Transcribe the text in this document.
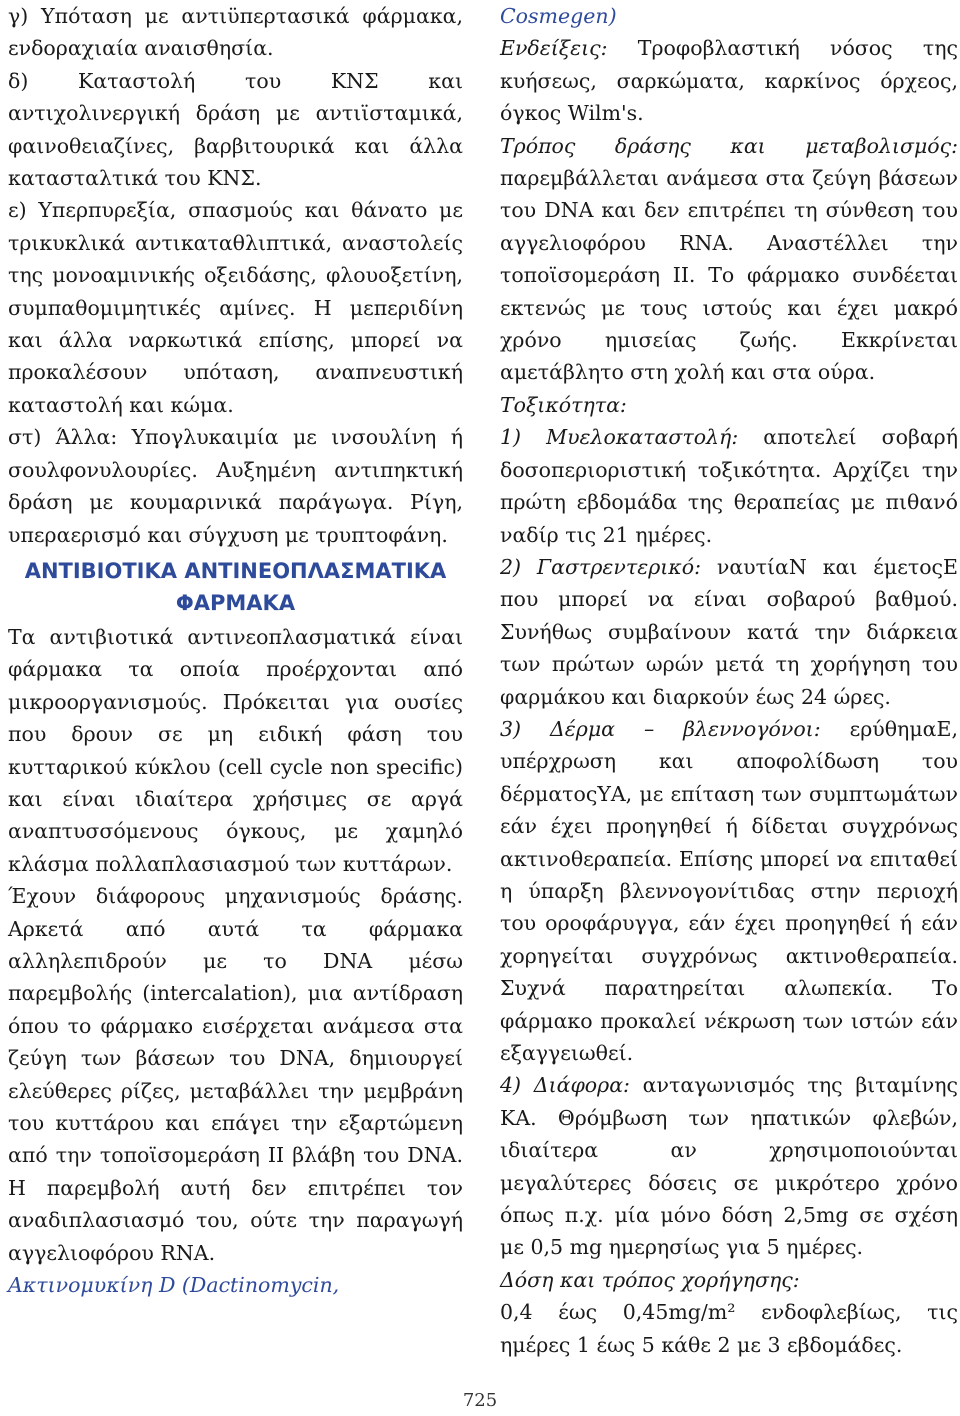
γ) Υπόταση με αντιϋπερτασικά φάρμακα, ενδοραχιαία αναισθησία.

δ) Καταστολή του ΚΝΣ και αντιχολινεργική δράση με αντιϊσταμικά, φαινοθειαζίνες, βαρβιτουρικά και άλλα κατασταλτικά του ΚΝΣ.

ε) Υπερπυρεξία, σπασμούς και θάνατο με τρικυκλικά αντικαταθλιπτικά, αναστολείς της μονοαμινικής οξειδάσης, φλουοξετίνη, συμπαθομιμητικές αμίνες. Η μεπεριδίνη και άλλα ναρκωτικά επίσης, μπορεί να προκαλέσουν υπόταση, αναπνευστική καταστολή και κώμα.

στ) Άλλα: Υπογλυκαιμία με ινσουλίνη ή σουλφονυλουρίες. Αυξημένη αντιπηκτική δράση με κουμαρινικά παράγωγα. Ρίγη, υπεραερισμό και σύγχυση με τρυπτοφάνη.

ΑΝΤΙΒΙΟΤΙΚΑ ΑΝΤΙΝΕΟΠΛΑΣΜΑΤΙΚΑ ΦΑΡΜΑΚΑ

Τα αντιβιοτικά αντινεοπλασματικά είναι φάρμακα τα οποία προέρχονται από μικροοργανισμούς. Πρόκειται για ουσίες που δρουν σε μη ειδική φάση του κυτταρικού κύκλου (cell cycle non specific) και είναι ιδιαίτερα χρήσιμες σε αργά αναπτυσσόμενους όγκους, με χαμηλό κλάσμα πολλαπλασιασμού των κυττάρων.

Έχουν διάφορους μηχανισμούς δράσης. Αρκετά από αυτά τα φάρμακα αλληλεπιδρούν με το DNA μέσω παρεμβολής (intercalation), μια αντίδραση όπου το φάρμακο εισέρχεται ανάμεσα στα ζεύγη των βάσεων του DNA, δημιουργεί ελεύθερες ρίζες, μεταβάλλει την μεμβράνη του κυττάρου και επάγει την εξαρτώμενη από την τοποϊσομεράση II βλάβη του DNA. Η παρεμβολή αυτή δεν επιτρέπει τον αναδιπλασιασμό του, ούτε την παραγωγή αγγελιοφόρου RNA.

Ακτινομυκίνη D (Dactinomycin,

Cosmegen)

Ενδείξεις: Τροφοβλαστική νόσος της κυήσεως, σαρκώματα, καρκίνος όρχεος, όγκος Wilm's.

Τρόπος δράσης και μεταβολισμός: παρεμβάλλεται ανάμεσα στα ζεύγη βάσεων του DNA και δεν επιτρέπει τη σύνθεση του αγγελιοφόρου RNA. Αναστέλλει την τοποϊσομεράση II. Το φάρμακο συνδέεται εκτενώς με τους ιστούς και έχει μακρό χρόνο ημισείας ζωής. Εκκρίνεται αμετάβλητο στη χολή και στα ούρα.

Τοξικότητα:

1) Μυελοκαταστολή: αποτελεί σοβαρή δοσοπεριοριστική τοξικότητα. Αρχίζει την πρώτη εβδομάδα της θεραπείας με πιθανό ναδίρ τις 21 ημέρες.

2) Γαστρεντερικό: ναυτίαΝ και έμετοςΕ που μπορεί να είναι σοβαρού βαθμού. Συνήθως συμβαίνουν κατά την διάρκεια των πρώτων ωρών μετά τη χορήγηση του φαρμάκου και διαρκούν έως 24 ώρες.

3) Δέρμα – βλεννογόνοι: ερύθημαΕ, υπέρχρωση και αποφολίδωση του δέρματοςΥΑ, με επίταση των συμπτωμάτων εάν έχει προηγηθεί ή δίδεται συγχρόνως ακτινοθεραπεία. Επίσης μπορεί να επιταθεί η ύπαρξη βλεννογονίτιδας στην περιοχή του οροφάρυγγα, εάν έχει προηγηθεί ή εάν χορηγείται συγχρόνως ακτινοθεραπεία. Συχνά παρατηρείται αλωπεκία. Το φάρμακο προκαλεί νέκρωση των ιστών εάν εξαγγειωθεί.

4) Διάφορα: ανταγωνισμός της βιταμίνης ΚΑ. Θρόμβωση των ηπατικών φλεβών, ιδιαίτερα αν χρησιμοποιούνται μεγαλύτερες δόσεις σε μικρότερο χρόνο όπως π.χ. μία μόνο δόση 2,5mg σε σχέση με 0,5 mg ημερησίως για 5 ημέρες.

Δόση και τρόπος χορήγησης:

0,4 έως 0,45mg/m² ενδοφλεβίως, τις ημέρες 1 έως 5 κάθε 2 με 3 εβδομάδες.

725
